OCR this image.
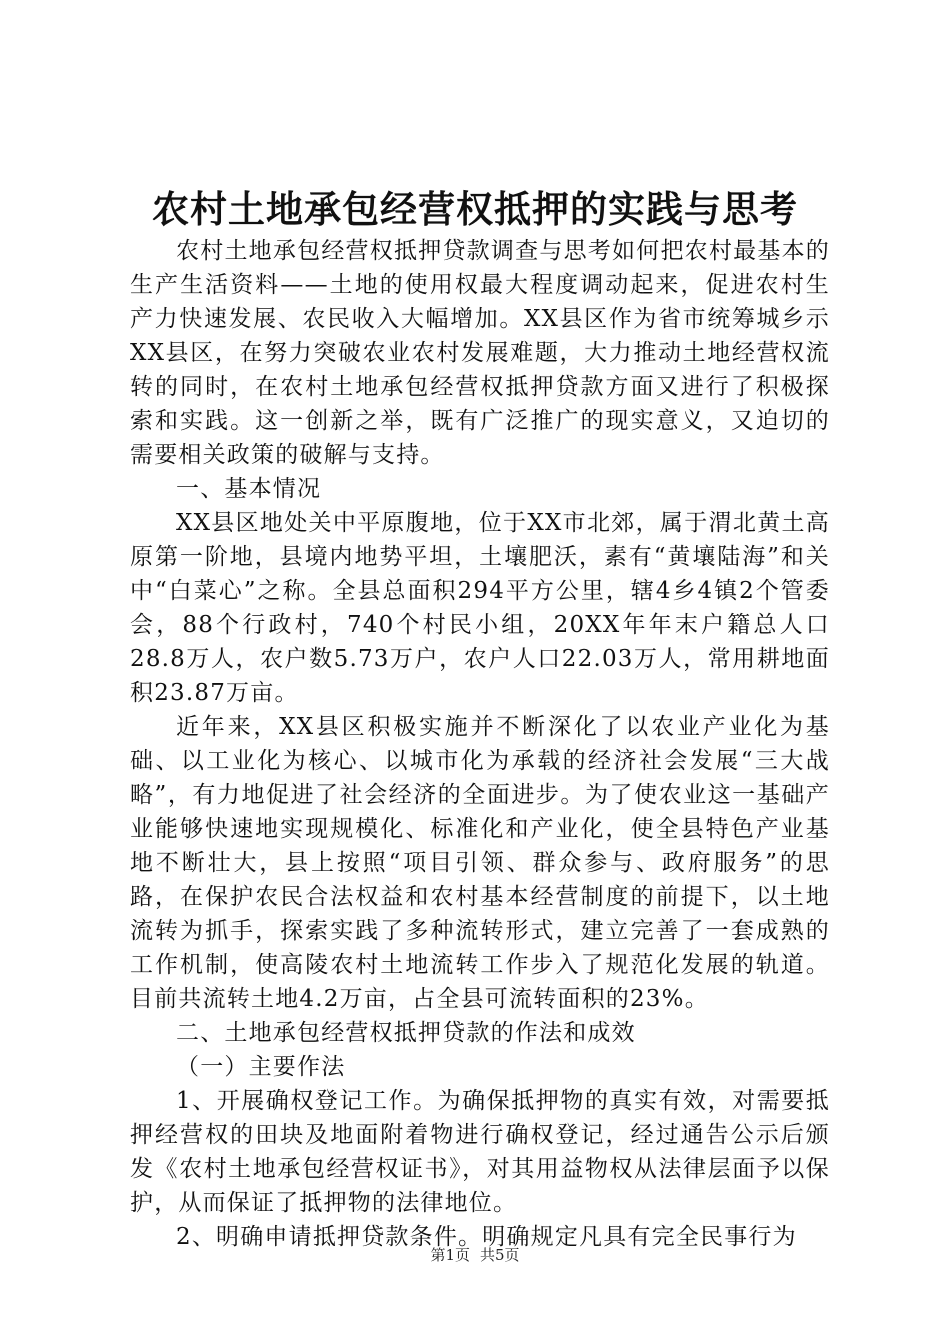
农村土地承包经营权抵押的实践与思考

农村土地承包经营权抵押贷款调查与思考如何把农村最基本的生产生活资料——土地的使用权最大程度调动起来，促进农村生产力快速发展、农民收入大幅增加。XX县区作为省市统筹城乡示XX县区，在努力突破农业农村发展难题，大力推动土地经营权流转的同时，在农村土地承包经营权抵押贷款方面又进行了积极探索和实践。这一创新之举，既有广泛推广的现实意义，又迫切的需要相关政策的破解与支持。

一、基本情况

XX县区地处关中平原腹地，位于XX市北郊，属于渭北黄土高原第一阶地，县境内地势平坦，土壤肥沃，素有“黄壤陆海”和关中“白菜心”之称。全县总面积294平方公里，辖4乡4镇2个管委会，88个行政村，740个村民小组，20XX年年末户籍总人口28.8万人，农户数5.73万户，农户人口22.03万人，常用耕地面积23.87万亩。

近年来，XX县区积极实施并不断深化了以农业产业化为基础、以工业化为核心、以城市化为承载的经济社会发展“三大战略”，有力地促进了社会经济的全面进步。为了使农业这一基础产业能够快速地实现规模化、标准化和产业化，使全县特色产业基地不断壮大，县上按照“项目引领、群众参与、政府服务”的思路，在保护农民合法权益和农村基本经营制度的前提下，以土地流转为抓手，探索实践了多种流转形式，建立完善了一套成熟的工作机制，使高陵农村土地流转工作步入了规范化发展的轨道。目前共流转土地4.2万亩，占全县可流转面积的23%。

二、土地承包经营权抵押贷款的作法和成效

（一）主要作法

1、开展确权登记工作。为确保抵押物的真实有效，对需要抵押经营权的田块及地面附着物进行确权登记，经过通告公示后颁发《农村土地承包经营权证书》，对其用益物权从法律层面予以保护，从而保证了抵押物的法律地位。

2、明确申请抵押贷款条件。明确规定凡具有完全民事行为

第1页 共5页
